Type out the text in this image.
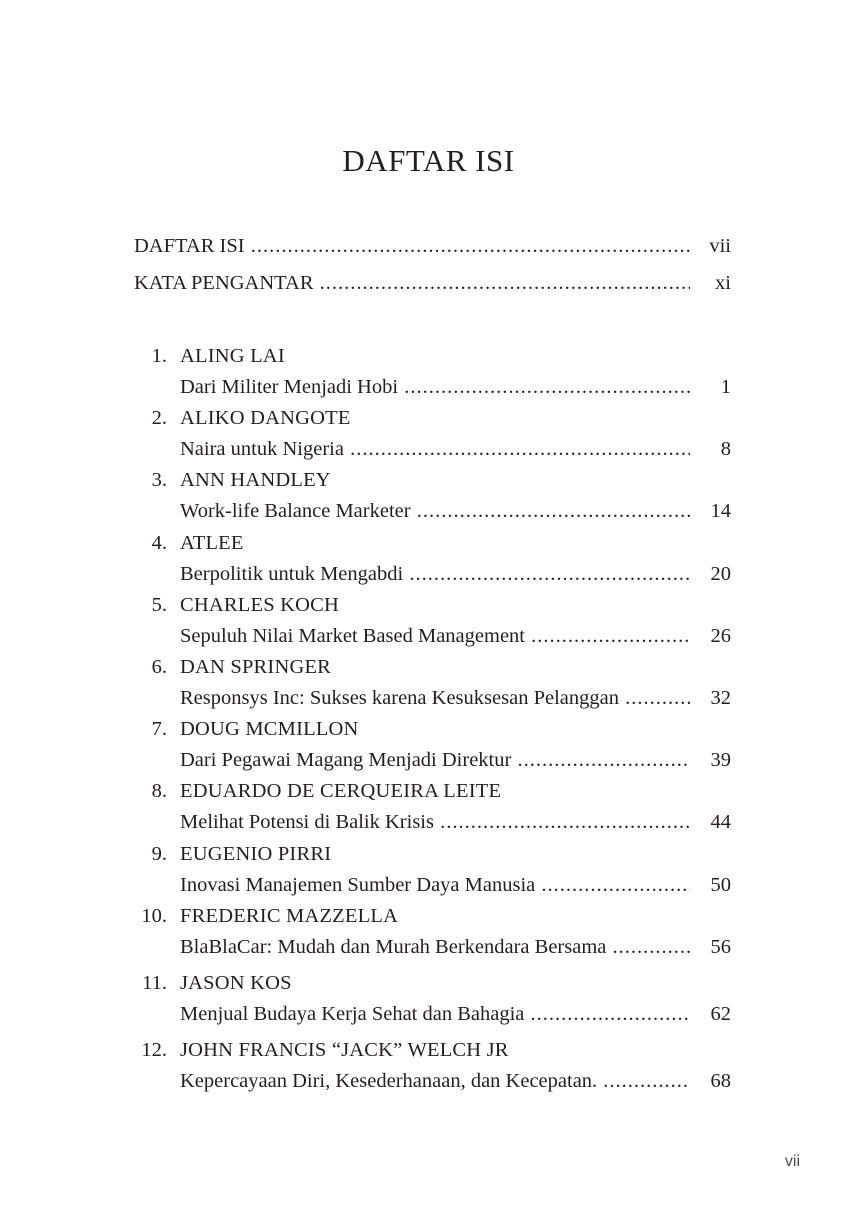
DAFTAR ISI
DAFTAR ISI .....	vii
KATA PENGANTAR .....	xi
1. ALING LAI
Dari Militer Menjadi Hobi .....	1
2. ALIKO DANGOTE
Naira untuk Nigeria .....	8
3. ANN HANDLEY
Work-life Balance Marketer .....	14
4. ATLEE
Berpolitik untuk Mengabdi .....	20
5. CHARLES KOCH
Sepuluh Nilai Market Based Management .....	26
6. DAN SPRINGER
Responsys Inc: Sukses karena Kesuksesan Pelanggan .....	32
7. DOUG MCMILLON
Dari Pegawai Magang Menjadi Direktur .....	39
8. EDUARDO DE CERQUEIRA LEITE
Melihat Potensi di Balik Krisis .....	44
9. EUGENIO PIRRI
Inovasi Manajemen Sumber Daya Manusia .....	50
10. FREDERIC MAZZELLA
BlaBlaCar: Mudah dan Murah Berkendara Bersama .....	56
11. JASON KOS
Menjual Budaya Kerja Sehat dan Bahagia .....	62
12. JOHN FRANCIS “JACK” WELCH JR
Kepercayaan Diri, Kesederhanaan, dan Kecepatan. .....	68
vii
